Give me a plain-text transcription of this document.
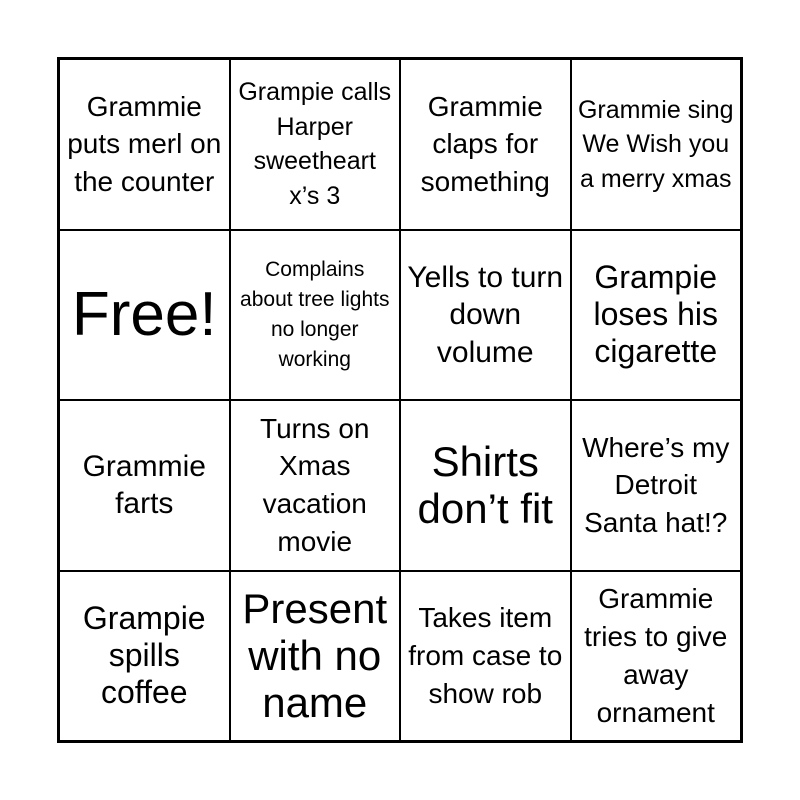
Grammie puts merl on the counter
Grampie calls Harper sweetheart x’s 3
Grammie claps for something
Grammie sing We Wish you a merry xmas
Free!
Complains about tree lights no longer working
Yells to turn down volume
Grampie loses his cigarette
Grammie farts
Turns on Xmas vacation movie
Shirts don’t fit
Where’s my Detroit Santa hat!?
Grampie spills coffee
Present with no name
Takes item from case to show rob
Grammie tries to give away ornament
